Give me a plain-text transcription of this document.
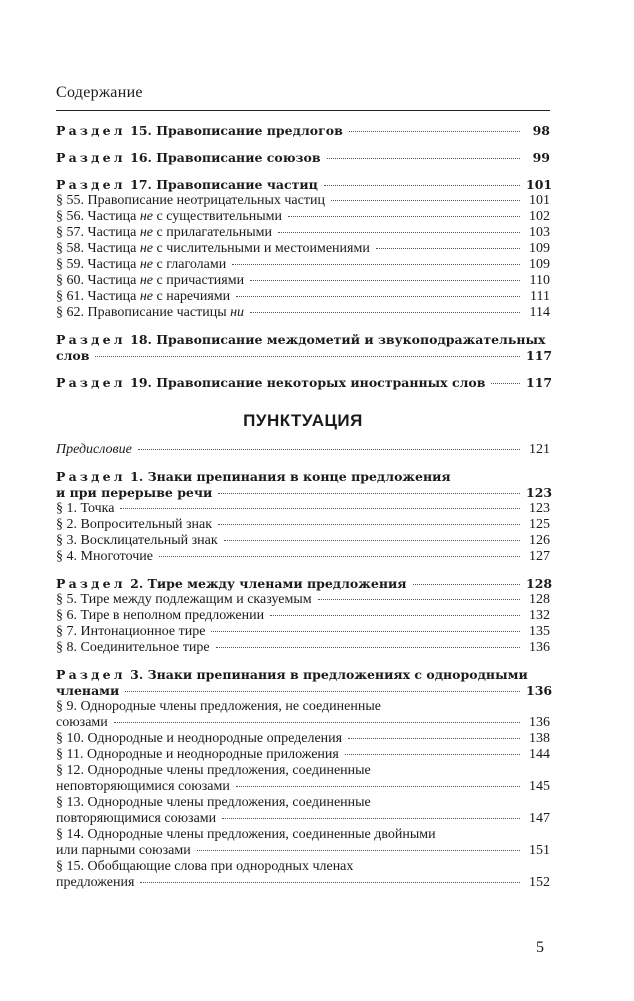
Содержание
Раздел 15. Правописание предлогов	98
Раздел 16. Правописание союзов	99
Раздел 17. Правописание частиц	101
§ 55. Правописание неотрицательных частиц	101
§ 56. Частица не с существительными	102
§ 57. Частица не с прилагательными	103
§ 58. Частица не с числительными и местоимениями	109
§ 59. Частица не с глаголами	109
§ 60. Частица не с причастиями	110
§ 61. Частица не с наречиями	111
§ 62. Правописание частицы ни	114
Раздел 18. Правописание междометий и звукоподражательных
слов	117
Раздел 19. Правописание некоторых иностранных слов	117
ПУНКТУАЦИЯ
Предисловие	121
Раздел 1. Знаки препинания в конце предложения
и при перерыве речи	123
§ 1. Точка	123
§ 2. Вопросительный знак	125
§ 3. Восклицательный знак	126
§ 4. Многоточие	127
Раздел 2. Тире между членами предложения	128
§ 5. Тире между подлежащим и сказуемым	128
§ 6. Тире в неполном предложении	132
§ 7. Интонационное тире	135
§ 8. Соединительное тире	136
Раздел 3. Знаки препинания в предложениях с однородными
членами	136
§ 9. Однородные члены предложения, не соединенные
союзами	136
§ 10. Однородные и неоднородные определения	138
§ 11. Однородные и неоднородные приложения	144
§ 12. Однородные члены предложения, соединенные
неповторяющимися союзами	145
§ 13. Однородные члены предложения, соединенные
повторяющимися союзами	147
§ 14. Однородные члены предложения, соединенные двойными
или парными союзами	151
§ 15. Обобщающие слова при однородных членах
предложения	152
5
